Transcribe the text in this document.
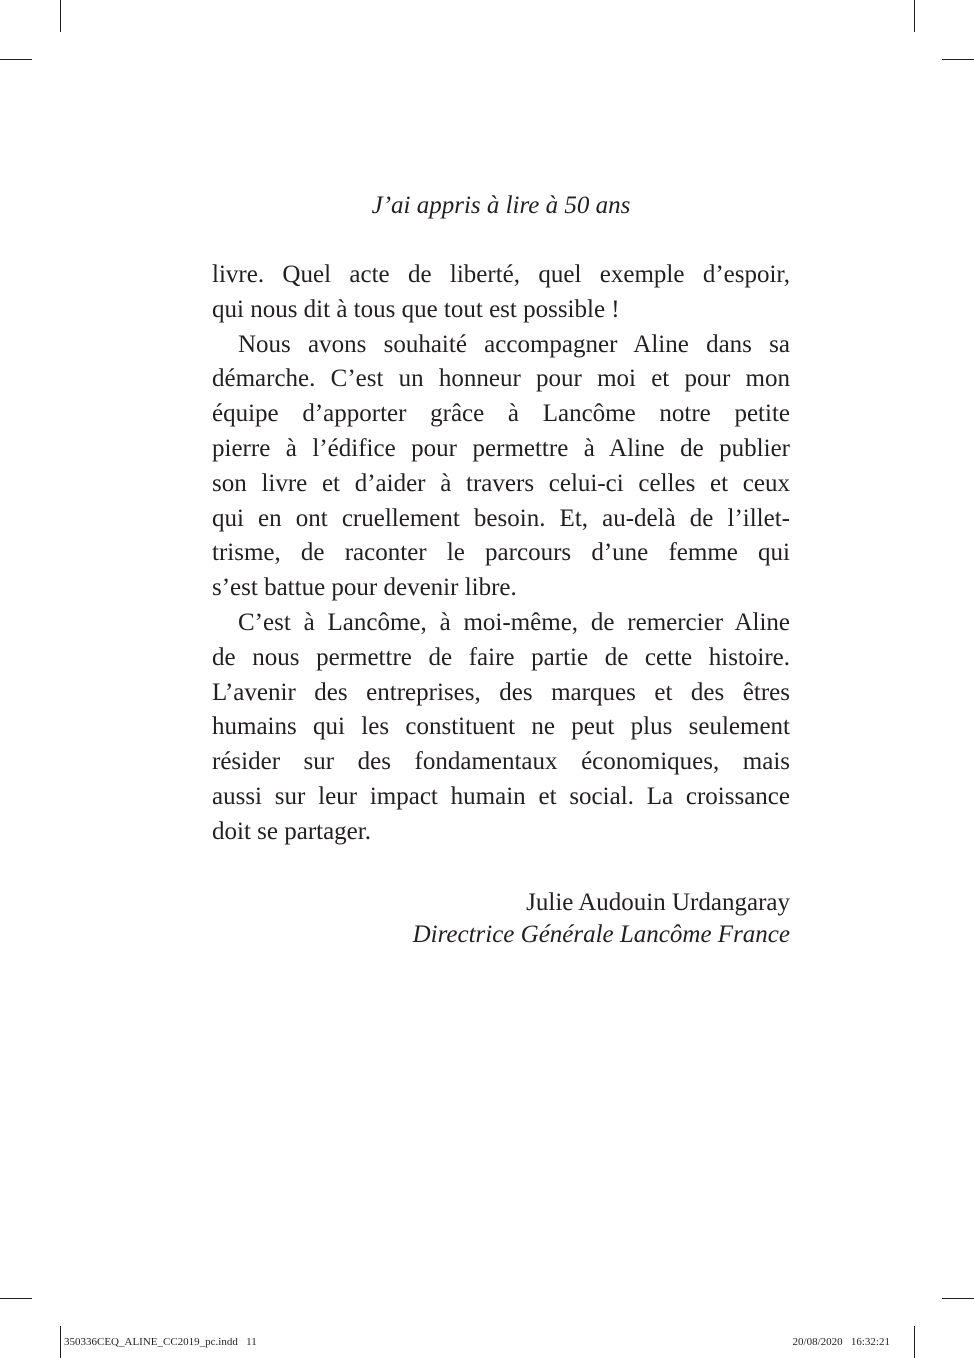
J’ai appris à lire à 50 ans

livre. Quel acte de liberté, quel exemple d’espoir,
qui nous dit à tous que tout est possible !

Nous avons souhaité accompagner Aline dans sa
démarche. C’est un honneur pour moi et pour mon
équipe d’apporter grâce à Lancôme notre petite
pierre à l’édifice pour permettre à Aline de publier
son livre et d’aider à travers celui-ci celles et ceux
qui en ont cruellement besoin. Et, au-delà de l’illet-
trisme, de raconter le parcours d’une femme qui
s’est battue pour devenir libre.

C’est à Lancôme, à moi-même, de remercier Aline
de nous permettre de faire partie de cette histoire.
L’avenir des entreprises, des marques et des êtres
humains qui les constituent ne peut plus seulement
résider sur des fondamentaux économiques, mais
aussi sur leur impact humain et social. La croissance
doit se partager.

Julie Audouin Urdangaray
Directrice Générale Lancôme France
350336CEQ_ALINE_CC2019_pc.indd   11	20/08/2020   16:32:21
